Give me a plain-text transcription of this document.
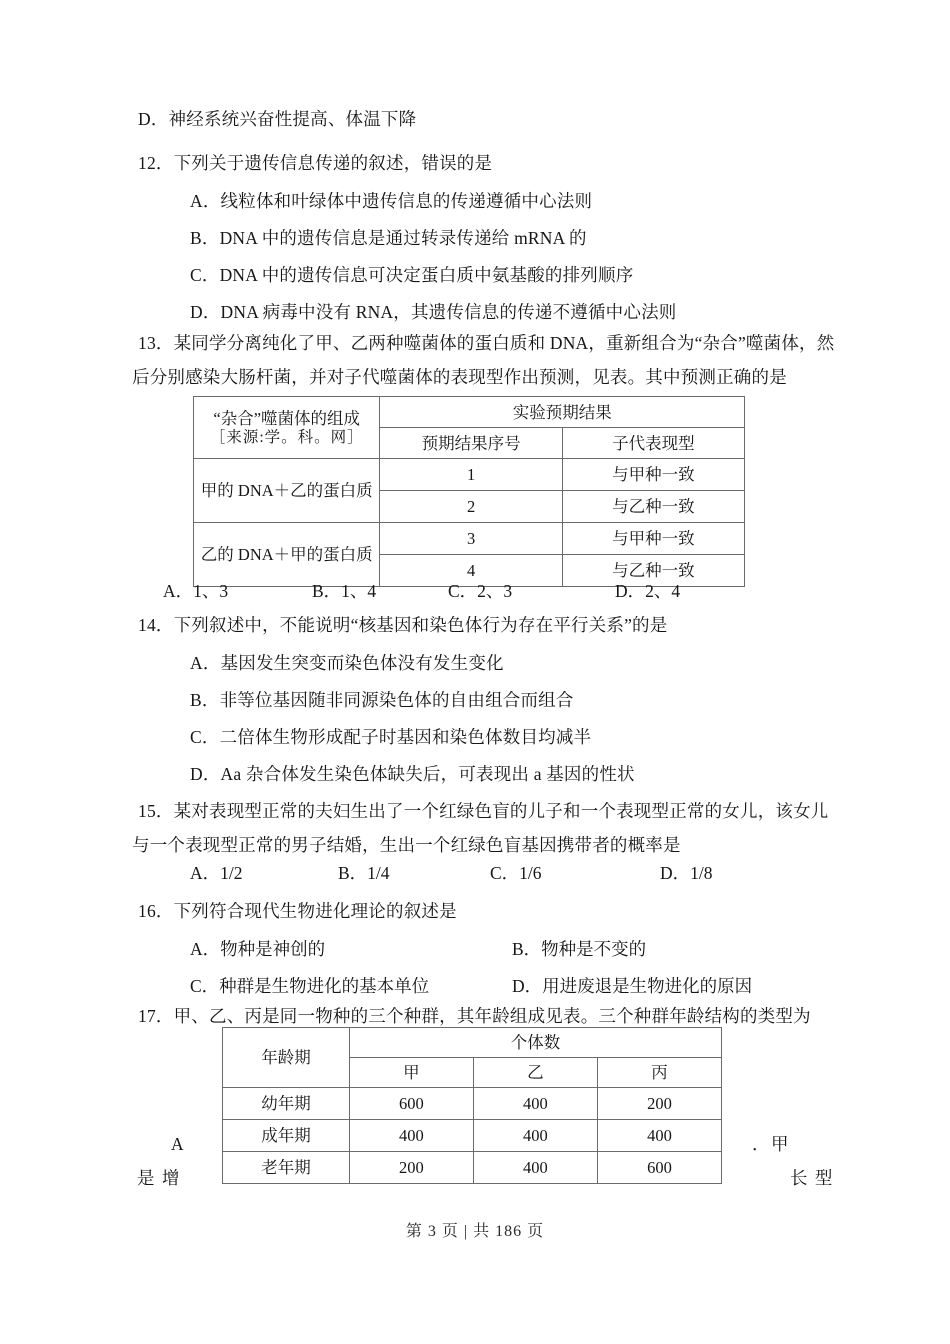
D．神经系统兴奋性提高、体温下降
12．下列关于遗传信息传递的叙述，错误的是
A．线粒体和叶绿体中遗传信息的传递遵循中心法则
B．DNA 中的遗传信息是通过转录传递给 mRNA 的
C．DNA 中的遗传信息可决定蛋白质中氨基酸的排列顺序
D．DNA 病毒中没有 RNA，其遗传信息的传递不遵循中心法则
13．某同学分离纯化了甲、乙两种噬菌体的蛋白质和 DNA，重新组合为“杂合”噬菌体，然
后分别感染大肠杆菌，并对子代噬菌体的表现型作出预测，见表。其中预测正确的是
“杂合”噬菌体的组成
［来源:学。科。网］	实验预期结果	
	预期结果序号	子代表现型
甲的 DNA＋乙的蛋白质	1	与甲种一致
	2	与乙种一致
乙的 DNA＋甲的蛋白质	3	与甲种一致
	4	与乙种一致
A．1、3	B．1、4	C．2、3	D．2、4
14．下列叙述中，不能说明“核基因和染色体行为存在平行关系”的是
A．基因发生突变而染色体没有发生变化
B．非等位基因随非同源染色体的自由组合而组合
C．二倍体生物形成配子时基因和染色体数目均减半
D．Aa 杂合体发生染色体缺失后，可表现出 a 基因的性状
15．某对表现型正常的夫妇生出了一个红绿色盲的儿子和一个表现型正常的女儿，该女儿
与一个表现型正常的男子结婚，生出一个红绿色盲基因携带者的概率是
A．1/2	B．1/4	C．1/6	D．1/8
16．下列符合现代生物进化理论的叙述是
A．物种是神创的	B．物种是不变的
C．种群是生物进化的基本单位	D．用进废退是生物进化的原因
17．甲、乙、丙是同一物种的三个种群，其年龄组成见表。三个种群年龄结构的类型为
年龄期	个体数		
	甲	乙	丙
幼年期	600	400	200
成年期	400	400	400
老年期	200	400	600
A
是 增
．甲
长 型
第 3 页 | 共 186 页
